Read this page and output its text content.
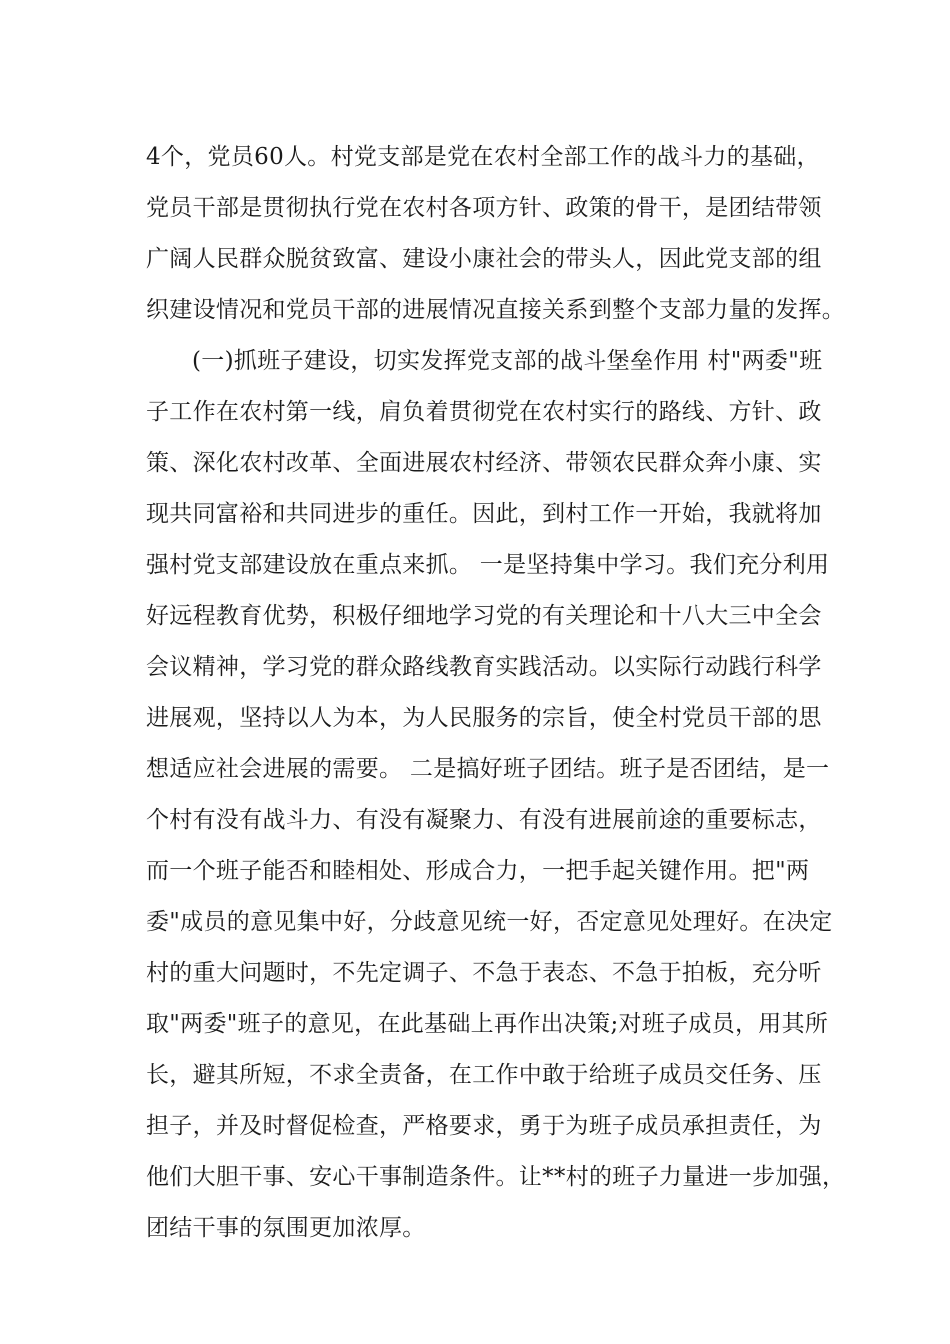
4个，党员60人。村党支部是党在农村全部工作的战斗力的基础，
党员干部是贯彻执行党在农村各项方针、政策的骨干，是团结带领
广阔人民群众脱贫致富、建设小康社会的带头人，因此党支部的组
织建设情况和党员干部的进展情况直接关系到整个支部力量的发挥。
(一)抓班子建设，切实发挥党支部的战斗堡垒作用 村"两委"班
子工作在农村第一线，肩负着贯彻党在农村实行的路线、方针、政
策、深化农村改革、全面进展农村经济、带领农民群众奔小康、实
现共同富裕和共同进步的重任。因此，到村工作一开始，我就将加
强村党支部建设放在重点来抓。 一是坚持集中学习。我们充分利用
好远程教育优势，积极仔细地学习党的有关理论和十八大三中全会
会议精神，学习党的群众路线教育实践活动。以实际行动践行科学
进展观，坚持以人为本，为人民服务的宗旨，使全村党员干部的思
想适应社会进展的需要。 二是搞好班子团结。班子是否团结，是一
个村有没有战斗力、有没有凝聚力、有没有进展前途的重要标志，
而一个班子能否和睦相处、形成合力，一把手起关键作用。把"两
委"成员的意见集中好，分歧意见统一好，否定意见处理好。在决定
村的重大问题时，不先定调子、不急于表态、不急于拍板，充分听
取"两委"班子的意见，在此基础上再作出决策;对班子成员，用其所
长，避其所短，不求全责备，在工作中敢于给班子成员交任务、压
担子，并及时督促检查，严格要求，勇于为班子成员承担责任，为
他们大胆干事、安心干事制造条件。让**村的班子力量进一步加强，
团结干事的氛围更加浓厚。
